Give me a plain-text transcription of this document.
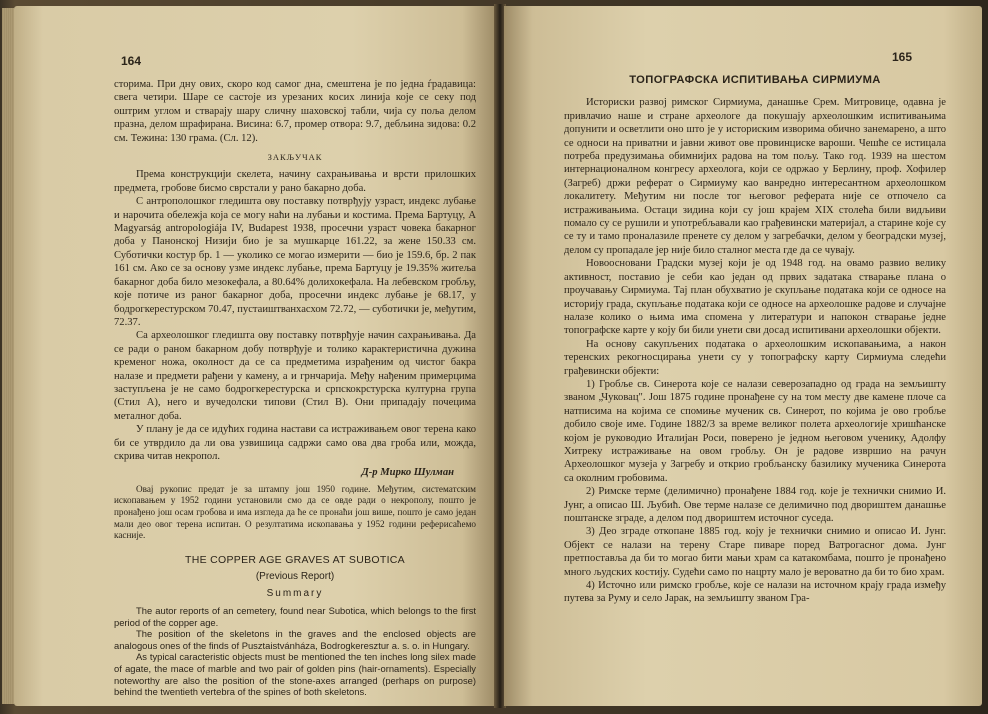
164

сторима. При дну ових, скоро код самог дна, смештена је по једна ѓрадавица: свега четири. Шаре се састоје из урезаних косих линија које се секу под оштрим углом и стварају шару сличну шаховској табли, чија су поља делом празна, делом шрафирана. Висина: 6.7, промер отвора: 9.7, дебљина зидова: 0.2 см. Тежина: 130 грама. (Сл. 12).

ЗАКЉУЧАК

Према конструкцији скелета, начину сахрањивања и врсти прилошких предмета, гробове бисмо сврстали у рано бакарно доба.

С антрополошког гледишта ову поставку потврђују узраст, индекс лубање и нарочита обележја која се могу наћи на лубањи и костима. Према Бартуцу, A Magyarság antropologiája IV, Budapest 1938, просечни узраст човека бакарног доба у Панонској Низији био је за мушкарце 161.22, за жене 150.33 см. Суботички костур бр. 1 — уколико се могао измерити — био је 159.6, бр. 2 пак 161 см. Ако се за основу узме индекс лубање, према Бартуцу је 19.35% житеља бакарног доба било мезокефала, а 80.64% долихокефала. На лебевском гробљу, које потиче из раног бакарног доба, просечни индекс лубање је 68.17, у бодрогкерестурском 70.47, пустаиштванхасхом 72.72, — суботички је, међутим, 72.37.

Са археолошког гледишта ову поставку потврђује начин сахрањивања. Да се ради о раном бакарном добу потврђује и толико карактеристична дужина кременог ножа, околност да се са предметима израђеним од чистог бакра налазе и предмети рађени у камену, а и грнчарија. Међу нађеним примерцима заступљена је не само бодрогкерестурска и српскокрстурска културна група (Стил А), него и вучедолски типови (Стил В). Они припадају почецима металног доба.

У плану је да се идућих година настави са истраживањем овог терена како би се утврдило да ли ова узвишица садржи само ова два гроба или, можда, скрива читав некропол.

Д-р Мирко Шулман

Овај рукопис предат је за штампу још 1950 године. Међутим, систематским ископавањем у 1952 години установили смо да се овде ради о некрополу, пошто је пронађено још осам гробова и има изгледа да ће се пронаћи још више, пошто је само један мали део овог терена испитан. О резултатима ископавања у 1952 години реферисаћемо касније.

THE COPPER AGE GRAVES AT SUBOTICA

(Previous Report)

Summary

The autor reports of an cemetery, found near Subotica, which belongs to the first period of the copper age.

The position of the skeletons in the graves and the enclosed objects are analogous ones of the finds of Pusztaistvánháza, Bodrogkeresztur a. s. o. in Hungary.

As typical caracteristic objects must be mentioned the ten inches long silex made of agate, the mace of marble and two pair of golden pins (hair-ornaments). Especially noteworthy are also the position of the stone-axes arranged (perhaps on purpose) behind the twentieth vertebra of the spines of both skeletons.

165

ТОПОГРАФСКА ИСПИТИВАЊА СИРМИУМА

Историски развој римског Сирмиума, данашње Срем. Митровице, одавна је привлачио наше и стране археологе да покушају археолошким испитивањима допунити и осветлити оно што је у историским изворима обично занемарено, а што се односи на приватни и јавни живот ове провинциске вароши. Чешће се истицала потреба предузимања обимнијих радова на том пољу. Тако год. 1939 на шестом интернационалном конгресу археолога, који се одржао у Берлину, проф. Хофилер (Загреб) држи реферат о Сирмиуму као ванредно интересантном археолошком локалитету. Међутим ни после тог његовог реферата није се отпочело са истраживањима. Остаци зидина који су још крајем XIX столећа били видљиви помало су се рушили и употребљавали као грађевински материјал, а старине које су се ту и тамо проналазиле пренете су делом у загребачки, делом у београдски музеј, делом су пропадале јер није било сталног места где да се чувају.

Новоосновани Градски музеј који је од 1948 год. на овамо развио велику активност, поставио је себи као један од првих задатака стварање плана о проучавању Сирмиума. Тај план обухватио је скупљање података који се односе на историју града, скупљање података који се односе на археолошке радове и случајне налазе колико о њима има спомена у литератури и напокон стварање једне топографске карте у коју би били унети сви досад испитивани археолошки објекти.

На основу сакупљених података о археолошким ископавањима, а након теренских рекогносцирања унети су у топографску карту Сирмиума следећи грађевински објекти:

1) Гробље св. Синерота које се налази северозападно од града на земљишту званом „Чуковац". Још 1875 године пронађене су на том месту две камене плоче са натписима на којима се спомиње мученик св. Синерот, по којима је ово гробље добило своје име. Године 1882/3 за време великог полета археологије хришћанске којом је руководио Италијан Роси, поверено је једном његовом ученику, Адолфу Хитреку истраживање на овом гробљу. Он је радове извршио на рачун Археолошког музеја у Загребу и открио гробљанску базилику мученика Синерота са околним гробовима.

2) Римске терме (делимично) пронађене 1884 год. које је технички снимио И. Јунг, а описао Ш. Љубић. Ове терме налазе се делимично под двориштем данашње поштанске зграде, а делом под двориштем источног суседа.

3) Део зграде откопане 1885 год. коју је технички снимио и описао И. Јунг. Објект се налази на терену Старе пиваре поред Ватрогасног дома. Јунг претпоставља да би то могао бити мањи храм са катакомбама, пошто је пронађено много људских костију. Судећи само по нацрту мало је вероватно да би то био храм.

4) Источно или римско гробље, које се налази на источном крају града између путева за Руму и село Јарак, на земљишту званом Гра-
